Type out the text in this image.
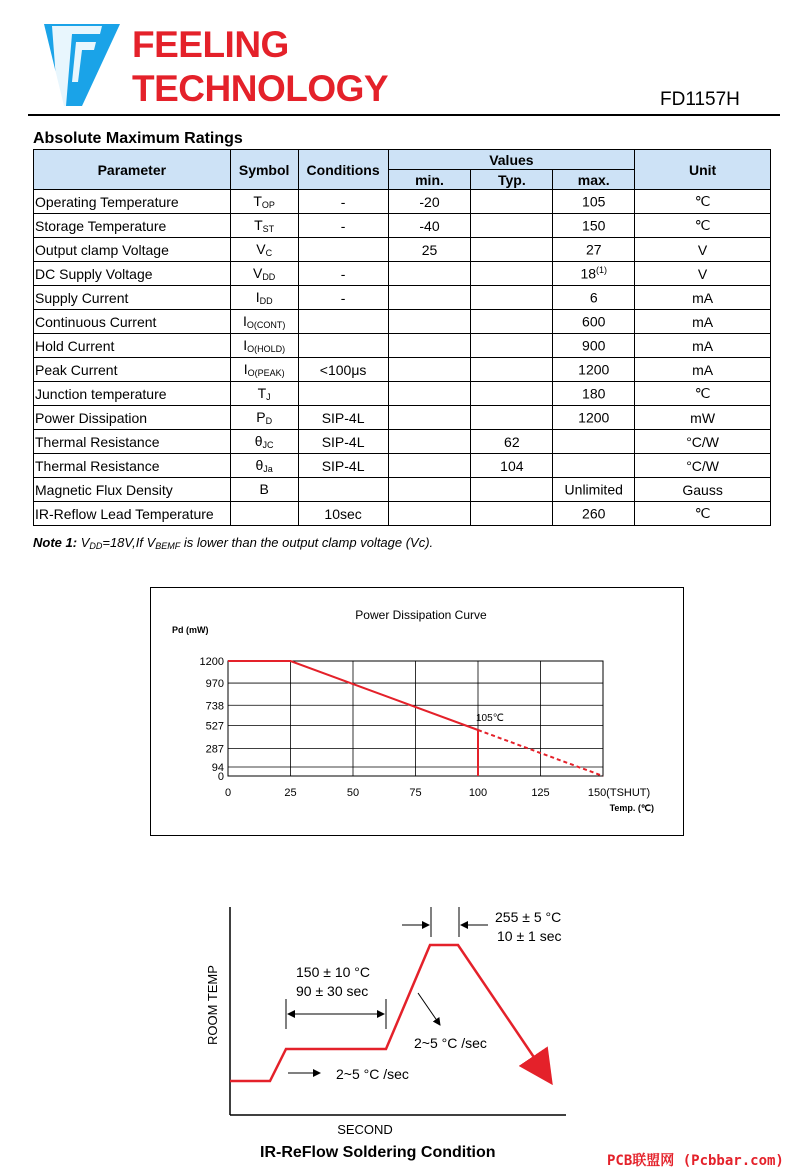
FEELING
TECHNOLOGY	FD1157H
Absolute Maximum Ratings
Parameter	Symbol	Conditions	Values			Unit
			min.	Typ.	max.	
Operating Temperature	$T_{OP}$	-	-20		105	℃
Storage Temperature	$T_{ST}$	-	-40		150	℃
Output clamp Voltage	$V_C$		25		27	V
DC Supply Voltage	$V_{DD}$	-			18$^{(1)}$	V
Supply Current	$I_{DD}$	-			6	mA
Continuous Current	$I_{O(CONT)}$				600	mA
Hold Current	$I_{O(HOLD)}$				900	mA
Peak Current	$I_{O(PEAK)}$	<100μs			1200	mA
Junction temperature	$T_J$				180	℃
Power Dissipation	$P_D$	SIP-4L			1200	mW
Thermal Resistance	$\theta_{JC}$	SIP-4L		62		°C/W
Thermal Resistance	$\theta_{Ja}$	SIP-4L		104		°C/W
Magnetic Flux Density	B				Unlimited	Gauss
IR-Reflow Lead Temperature		10sec			260	℃
Note 1: $V_{DD}=18V,If$ $V_{BEMF}$ is lower than the output clamp voltage (Vc).
Power Dissipation Curve
Pd (mW)
Temp. (℃)
0	25	50	75	100	125	150(TSHUT)
0
94
287
527
738
970
1200
105℃
255 ± 5 °C
10 ± 1 sec
150 ± 10 °C
90 ± 30 sec
2~5 °C /sec
2~5 °C /sec
SECOND
ROOM TEMP
IR-ReFlow Soldering Condition	PCB联盟网 (Pcbbar.com)
